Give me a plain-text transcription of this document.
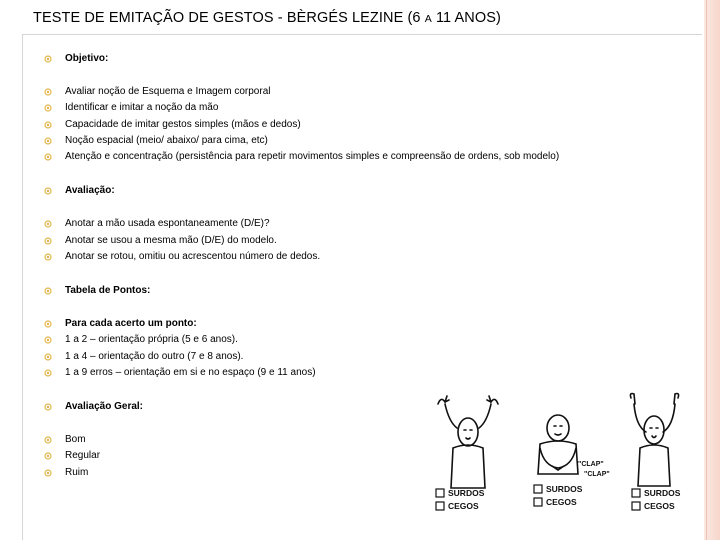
TESTE DE EMITAÇÃO DE GESTOS - BÈRGÉS LEZINE (6 A 11 ANOS)
Objetivo:
Avaliar noção de Esquema e Imagem corporal
Identificar e imitar a noção da mão
Capacidade de imitar gestos simples (mãos e dedos)
Noção espacial (meio/ abaixo/ para cima, etc)
Atenção e concentração (persistência para repetir movimentos simples e compreensão de ordens, sob modelo)
Avaliação:
Anotar a mão usada espontaneamente (D/E)?
Anotar se usou a mesma mão (D/E) do modelo.
Anotar se rotou, omitiu ou acrescentou número de dedos.
Tabela de Pontos:
Para cada acerto um ponto:
1 a 2 – orientação própria (5 e 6 anos).
1 a 4 – orientação do outro (7 e 8 anos).
1 a 9 erros – orientação em si e no espaço (9 e 11 anos)
Avaliação Geral:
Bom
Regular
Ruim
SURDOS
CEGOS
SURDOS
CEGOS
SURDOS
CEGOS
"CLAP"
"CLAP"
